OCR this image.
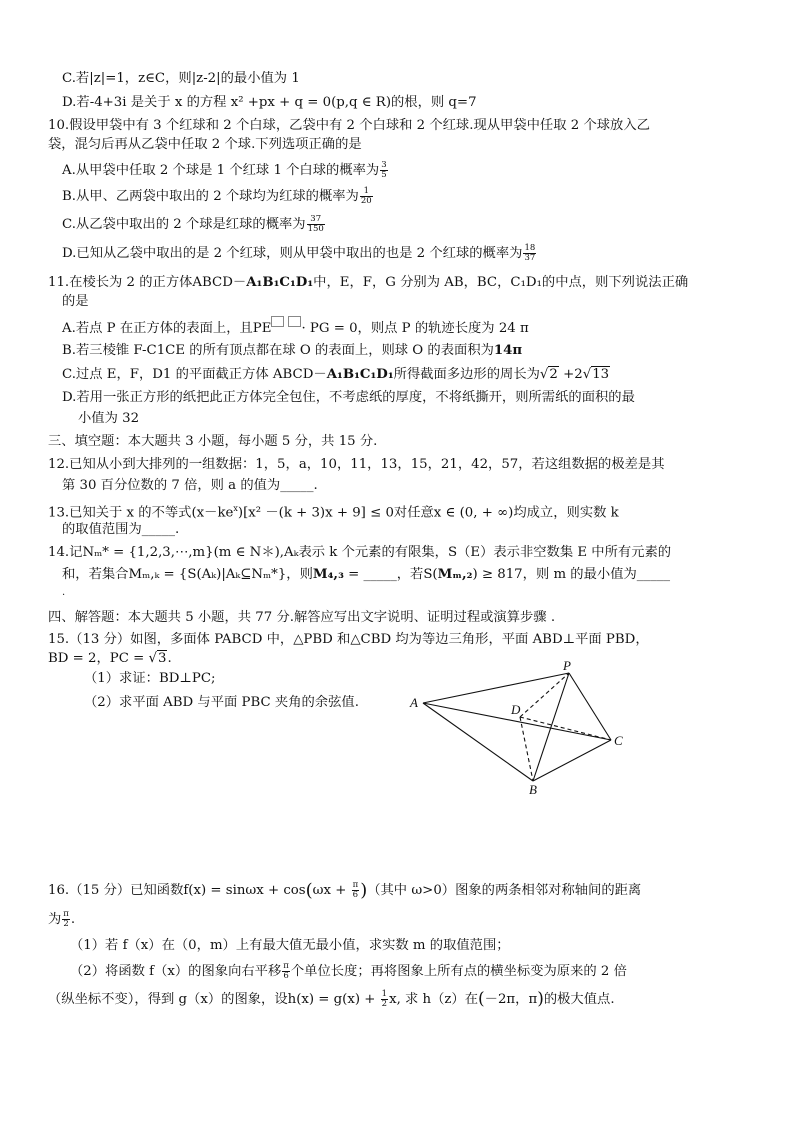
C.若|z|=1，z∈C，则|z-2|的最小值为 1
D.若-4+3i 是关于 x 的方程 x² +px + q = 0(p,q ∈ R)的根，则 q=7
10.假设甲袋中有 3 个红球和 2 个白球，乙袋中有 2 个白球和 2 个红球.现从甲袋中任取 2 个球放入乙
袋，混匀后再从乙袋中任取 2 个球.下列选项正确的是
A.从甲袋中任取 2 个球是 1 个红球 1 个白球的概率为 $\frac{3}{5}$
B.从甲、乙两袋中取出的 2 个球均为红球的概率为 $\frac{1}{20}$
C.从乙袋中取出的 2 个球是红球的概率为 $\frac{37}{150}$
D.已知从乙袋中取出的是 2 个红球，则从甲袋中取出的也是 2 个红球的概率为 $\frac{18}{37}$
11.在棱长为 2 的正方体ABCD－A₁B₁C₁D₁中，E，F，G 分别为 AB，BC，C₁D₁的中点，则下列说法正确
的是
A.若点 P 在正方体的表面上，且PE · PG = 0，则点 P 的轨迹长度为 24 π
B.若三棱锥 F-C1CE 的所有顶点都在球 O 的表面上，则球 O 的表面积为14π
C.过点 E，F，D1 的平面截正方体 ABCD－A₁B₁C₁D₁所得截面多边形的周长为√2 +2√13
D.若用一张正方形的纸把此正方体完全包住，不考虑纸的厚度，不将纸撕开，则所需纸的面积的最
小值为 32
三、填空题：本大题共 3 小题，每小题 5 分，共 15 分.
12.已知从小到大排列的一组数据：1，5，a，10，11，13，15，21，42，57，若这组数据的极差是其
第 30 百分位数的 7 倍，则 a 的值为_____.
13.已知关于 x 的不等式$(x-ke^x)[x^2 -(k + 3)x + 9] \le 0$对任意x ∈ (0, + ∞)均成立，则实数 k
的取值范围为_____.
14.记Nₘ* = {1,2,3,⋯,m}(m ∈ N＊),Aₖ表示 k 个元素的有限集，S（E）表示非空数集 E 中所有元素的
和，若集合Mₘ,ₖ = {S(Aₖ)|Aₖ⊆Nₘ*}，则M₄,₃ = _____，若S(Mₘ,₂) ≥ 817，则 m 的最小值为_____
.
四、解答题：本大题共 5 小题，共 77 分.解答应写出文字说明、证明过程或演算步骤 .
15.（13 分）如图，多面体 PABCD 中，△PBD 和△CBD 均为等边三角形，平面 ABD⊥平面 PBD，
BD = 2，PC = √3.
（1）求证：BD⊥PC;
（2）求平面 ABD 与平面 PBC 夹角的余弦值.
P
A	D
C
B
16.（15 分）已知函数$f(x) = \sin\omega x + \cos(\omega x + \frac{\pi}{6}$ )（其中 ω>0）图象的两条相邻对称轴间的距离
为 $\frac{\pi}{2}$ .
（1）若 f（x）在（0，m）上有最大值无最小值，求实数 m 的取值范围；
（2）将函数 f（x）的图象向右平移 $\frac{\pi}{6}$ 个单位长度；再将图象上所有点的横坐标变为原来的 2 倍
（纵坐标不变），得到 g（x）的图象，设$h(x) = g(x) + \frac{1}{2} x$, 求 h（z）在(－2π，π)的极大值点.
